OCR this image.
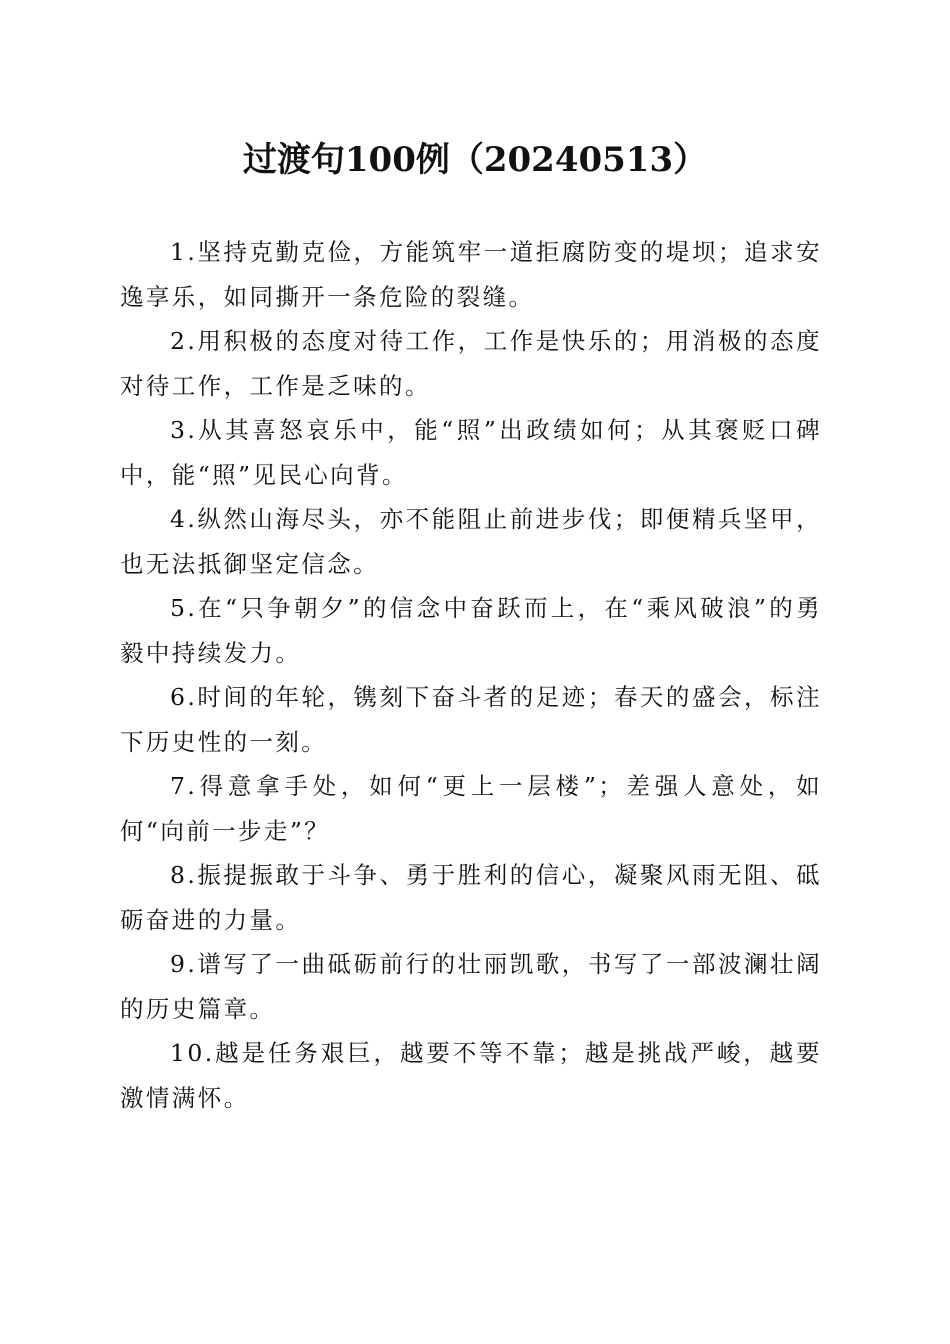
过渡句100例（20240513）

1.坚持克勤克俭，方能筑牢一道拒腐防变的堤坝；追求安逸享乐，如同撕开一条危险的裂缝。

2.用积极的态度对待工作，工作是快乐的；用消极的态度对待工作，工作是乏味的。

3.从其喜怒哀乐中，能“照”出政绩如何；从其褒贬口碑中，能“照”见民心向背。

4.纵然山海尽头，亦不能阻止前进步伐；即便精兵坚甲，也无法抵御坚定信念。

5.在“只争朝夕”的信念中奋跃而上，在“乘风破浪”的勇毅中持续发力。

6.时间的年轮，镌刻下奋斗者的足迹；春天的盛会，标注下历史性的一刻。

7.得意拿手处，如何“更上一层楼”；差强人意处，如何“向前一步走”？

8.振提振敢于斗争、勇于胜利的信心，凝聚风雨无阻、砥砺奋进的力量。

9.谱写了一曲砥砺前行的壮丽凯歌，书写了一部波澜壮阔的历史篇章。

10.越是任务艰巨，越要不等不靠；越是挑战严峻，越要激情满怀。
